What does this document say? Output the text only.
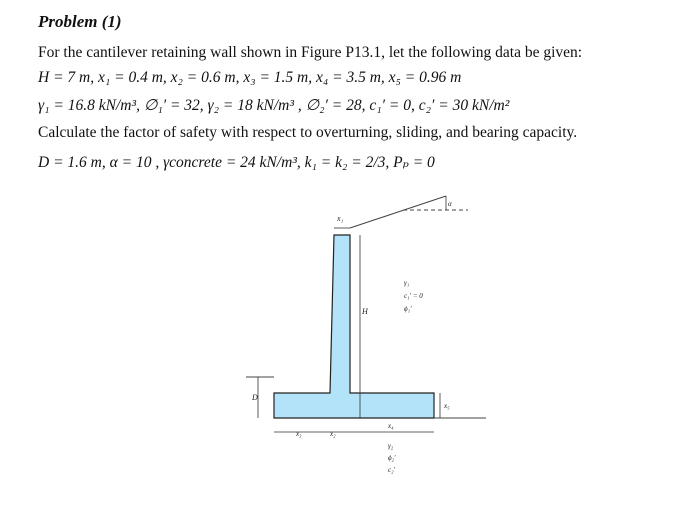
Problem (1)
For the cantilever retaining wall shown in Figure P13.1, let the following data be given:
H = 7 m, x₁ = 0.4 m, x₂ = 0.6 m, x₃ = 1.5 m, x₄ = 3.5 m, x₅ = 0.96 m
γ₁ = 16.8 kN/m³, ∅₁′ = 32, γ₂ = 18 kN/m³ , ∅₂′ = 28, c₁′ = 0, c₂′ = 30 kN/m²
Calculate the factor of safety with respect to overturning, sliding, and bearing capacity.
D = 1.6 m, α = 10 , γconcrete = 24 kN/m³, k₁ = k₂ = 2/3, Pₚ = 0
x₁
H
D
x₅
α
x₃	x₂
x₄
γ₁
c₁′ = 0
ϕ₁′
γ₂
ϕ₂′
c₂′
